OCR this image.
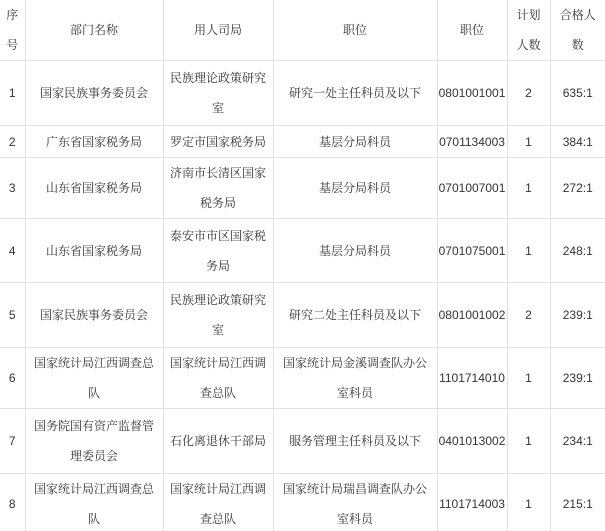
序号	部门名称	用人司局	职位	职位	计划人数	合格人数
1	国家民族事务委员会	民族理论政策研究室	研究一处主任科员及以下	0801001001	2	635:1
2	广东省国家税务局	罗定市国家税务局	基层分局科员	0701134003	1	384:1
3	山东省国家税务局	济南市长清区国家税务局	基层分局科员	0701007001	1	272:1
4	山东省国家税务局	泰安市市区国家税务局	基层分局科员	0701075001	1	248:1
5	国家民族事务委员会	民族理论政策研究室	研究二处主任科员及以下	0801001002	2	239:1
6	国家统计局江西调查总队	国家统计局江西调查总队	国家统计局金溪调查队办公室科员	1101714010	1	239:1
7	国务院国有资产监督管理委员会	石化离退休干部局	服务管理主任科员及以下	0401013002	1	234:1
8	国家统计局江西调查总队	国家统计局江西调查总队	国家统计局瑞昌调查队办公室科员	1101714003	1	215:1
